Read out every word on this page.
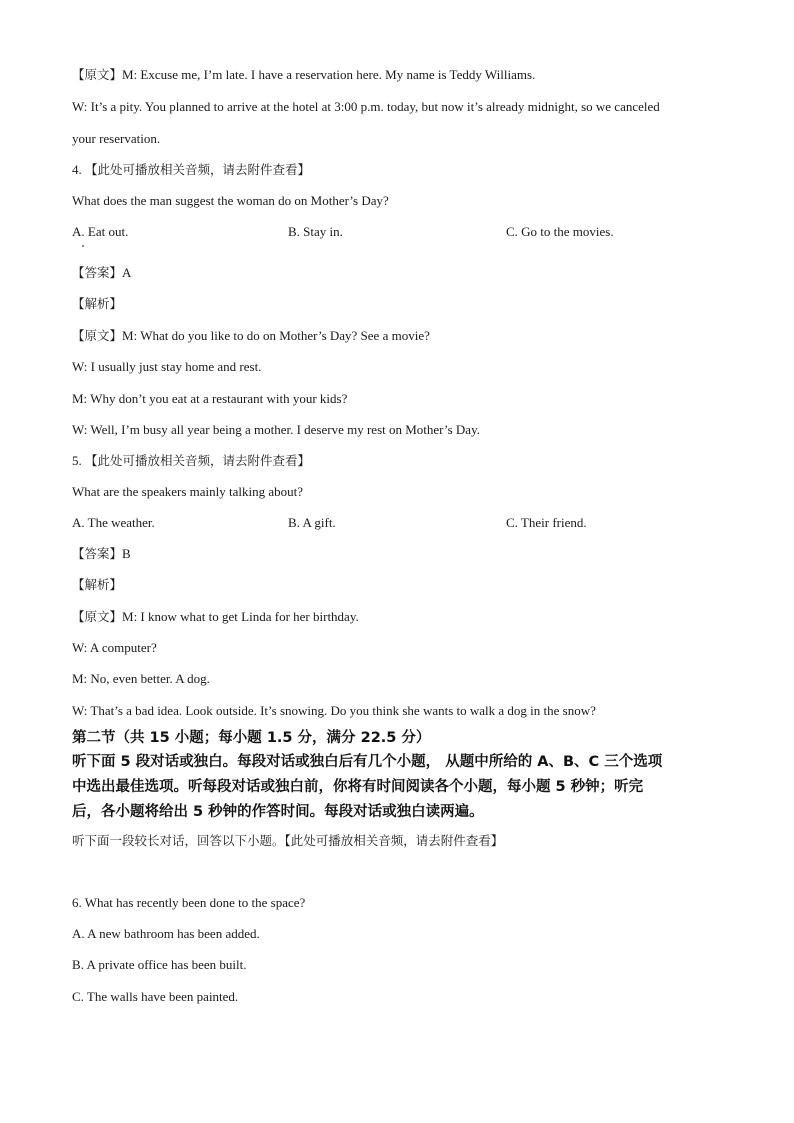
【原文】M: Excuse me, I’m late. I have a reservation here. My name is Teddy Williams.
W: It’s a pity. You planned to arrive at the hotel at 3:00 p.m. today, but now it’s already midnight, so we canceled
your reservation.
4. 【此处可播放相关音频，请去附件查看】
What does the man suggest the woman do on Mother’s Day?
A. Eat out.	B. Stay in.	C. Go to the movies.
【答案】A
【解析】
【原文】M: What do you like to do on Mother’s Day? See a movie?
W: I usually just stay home and rest.
M: Why don’t you eat at a restaurant with your kids?
W: Well, I’m busy all year being a mother. I deserve my rest on Mother’s Day.
5. 【此处可播放相关音频，请去附件查看】
What are the speakers mainly talking about?
A. The weather.	B. A gift.	C. Their friend.
【答案】B
【解析】
【原文】M: I know what to get Linda for her birthday.
W: A computer?
M: No, even better. A dog.
W: That’s a bad idea. Look outside. It’s snowing. Do you think she wants to walk a dog in the snow?
第二节（共 15 小题；每小题 1.5 分，满分 22.5 分）
听下面 5 段对话或独白。每段对话或独白后有几个小题， 从题中所给的 A、B、C 三个选项
中选出最佳选项。听每段对话或独白前，你将有时间阅读各个小题，每小题 5 秒钟；听完
后，各小题将给出 5 秒钟的作答时间。每段对话或独白读两遍。
听下面一段较长对话，回答以下小题。【此处可播放相关音频，请去附件查看】
6. What has recently been done to the space?
A. A new bathroom has been added.
B. A private office has been built.
C. The walls have been painted.
